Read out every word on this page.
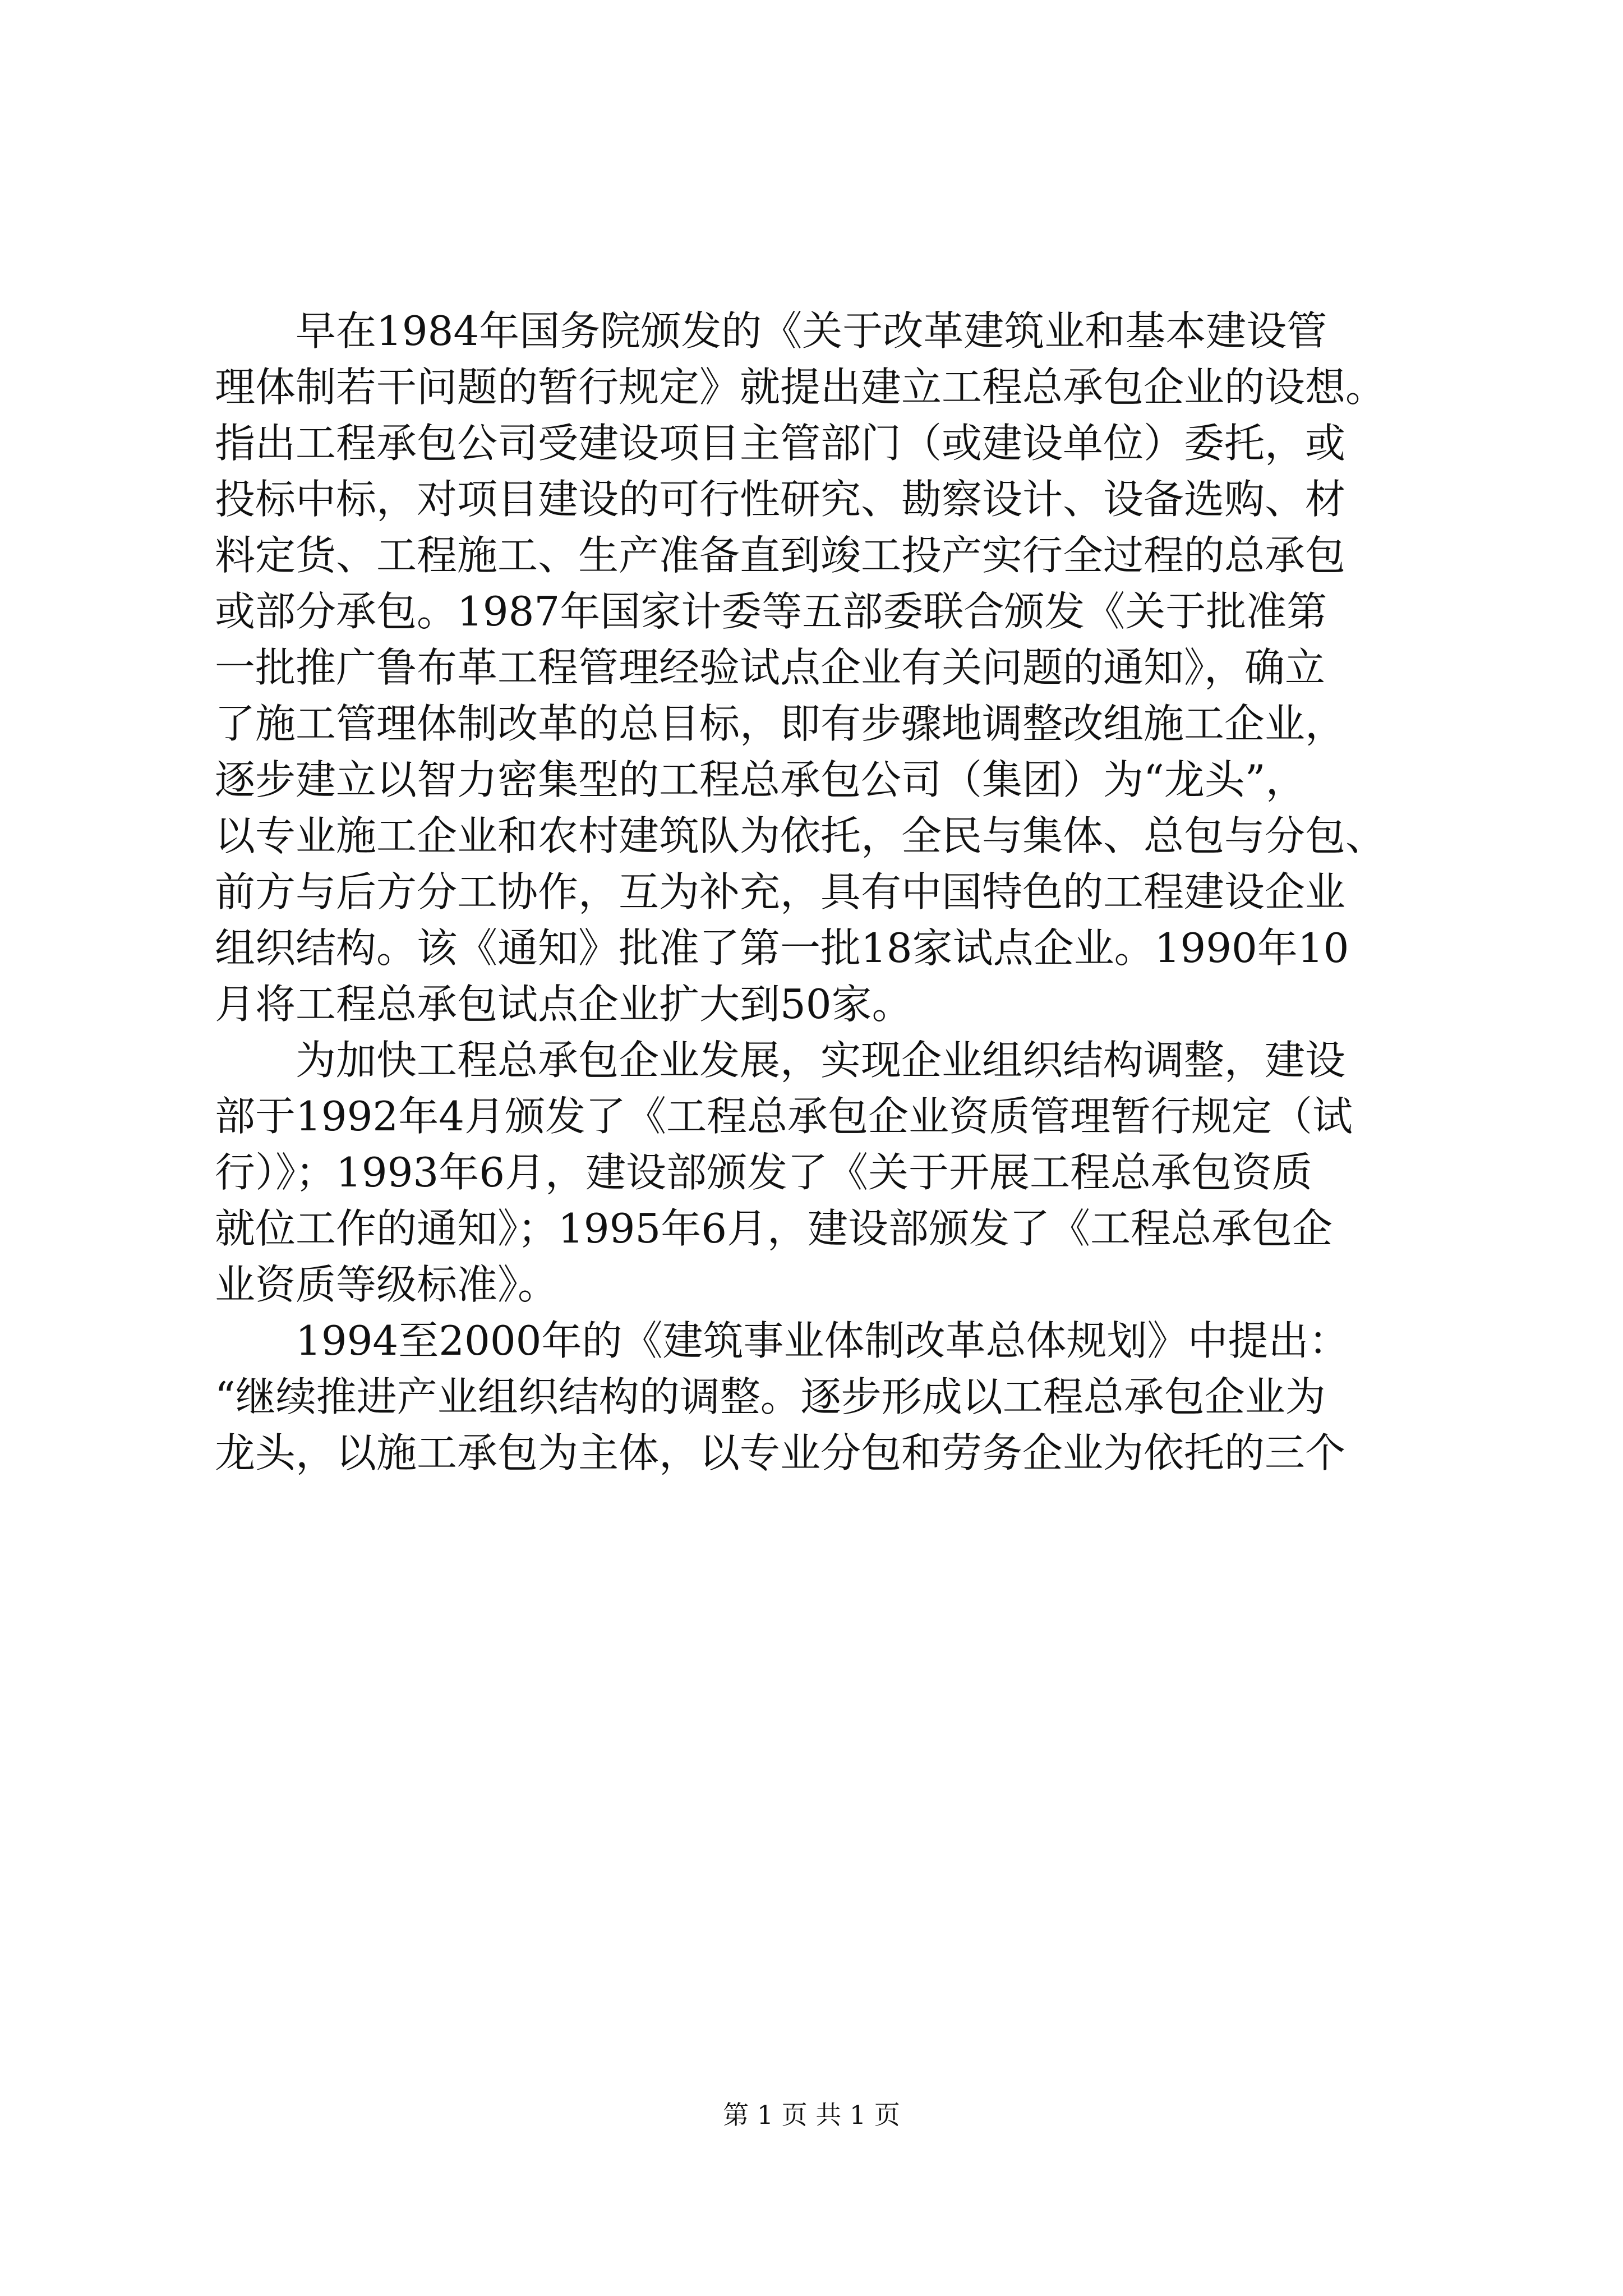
早在1984年国务院颁发的《关于改革建筑业和基本建设管
理体制若干问题的暂行规定》就提出建立工程总承包企业的设想。
指出工程承包公司受建设项目主管部门（或建设单位）委托，或
投标中标，对项目建设的可行性研究、勘察设计、设备选购、材
料定货、工程施工、生产准备直到竣工投产实行全过程的总承包
或部分承包。1987年国家计委等五部委联合颁发《关于批准第
一批推广鲁布革工程管理经验试点企业有关问题的通知》，确立
了施工管理体制改革的总目标，即有步骤地调整改组施工企业，
逐步建立以智力密集型的工程总承包公司（集团）为“龙头”，
以专业施工企业和农村建筑队为依托，全民与集体、总包与分包、
前方与后方分工协作，互为补充，具有中国特色的工程建设企业
组织结构。该《通知》批准了第一批18家试点企业。1990年10
月将工程总承包试点企业扩大到50家。
为加快工程总承包企业发展，实现企业组织结构调整，建设
部于1992年4月颁发了《工程总承包企业资质管理暂行规定（试
行）》；1993年6月，建设部颁发了《关于开展工程总承包资质
就位工作的通知》；1995年6月，建设部颁发了《工程总承包企
业资质等级标准》。
1994至2000年的《建筑事业体制改革总体规划》中提出：
“继续推进产业组织结构的调整。逐步形成以工程总承包企业为
龙头，以施工承包为主体，以专业分包和劳务企业为依托的三个
第 1 页 共 1 页
